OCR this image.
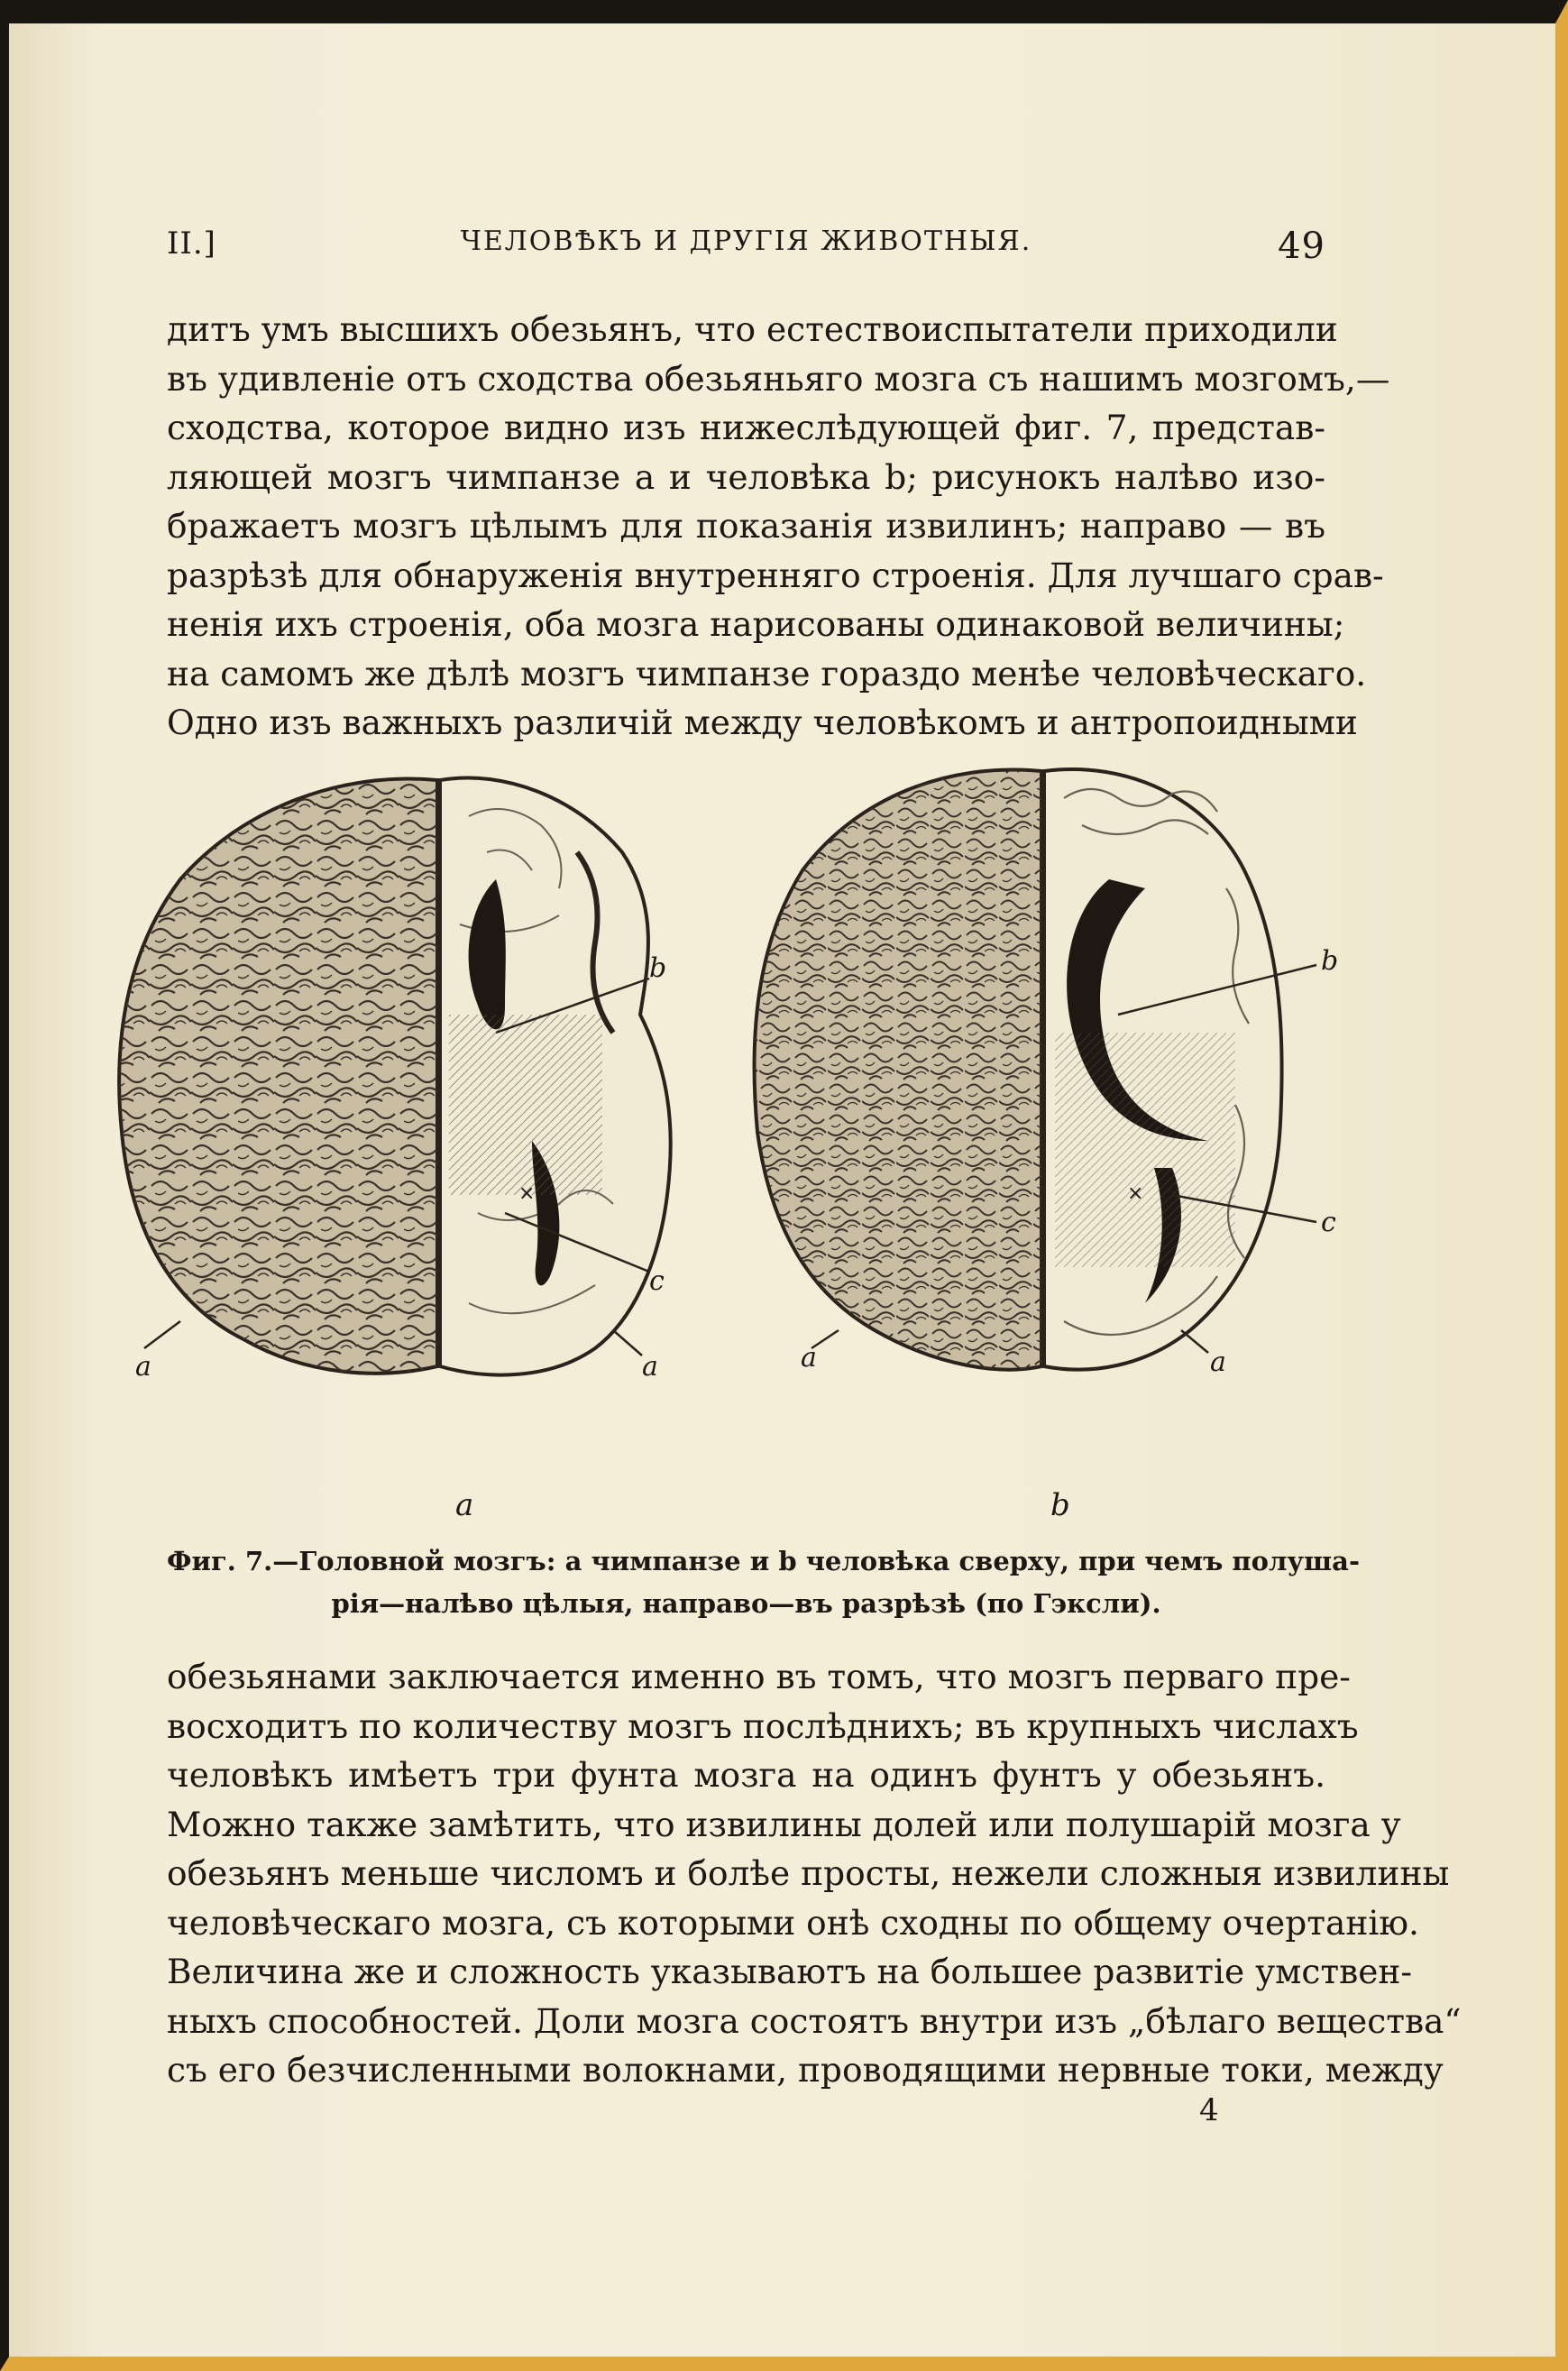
II.]	ЧЕЛОВѢКЪ И ДРУГІЯ ЖИВОТНЫЯ.	49
дитъ умъ высшихъ обезьянъ, что естествоиспытатели приходили
въ удивленіе отъ сходства обезьяньяго мозга съ нашимъ мозгомъ,—
сходства, которое видно изъ нижеслѣдующей фиг. 7, представ-
ляющей мозгъ чимпанзе a и человѣка b; рисунокъ налѣво изо-
бражаетъ мозгъ цѣлымъ для показанія извилинъ; направо — въ
разрѣзѣ для обнаруженія внутренняго строенія. Для лучшаго срав-
ненія ихъ строенія, оба мозга нарисованы одинаковой величины;
на самомъ же дѣлѣ мозгъ чимпанзе гораздо менѣе человѣческаго.
Одно изъ важныхъ различій между человѣкомъ и антропоидными
b
c
a	a
b
c
a	a
a	b
×	×
Фиг. 7.—Головной мозгъ: a чимпанзе и b человѣка сверху, при чемъ полуша-
рія—налѣво цѣлыя, направо—въ разрѣзѣ (по Гэксли).
обезьянами заключается именно въ томъ, что мозгъ перваго пре-
восходитъ по количеству мозгъ послѣднихъ; въ крупныхъ числахъ
человѣкъ имѣетъ три фунта мозга на одинъ фунтъ у обезьянъ.
Можно также замѣтить, что извилины долей или полушарій мозга у
обезьянъ меньше числомъ и болѣе просты, нежели сложныя извилины
человѣческаго мозга, съ которыми онѣ сходны по общему очертанію.
Величина же и сложность указываютъ на большее развитіе умствен-
ныхъ способностей. Доли мозга состоятъ внутри изъ „бѣлаго вещества“
съ его безчисленными волокнами, проводящими нервные токи, между
4
